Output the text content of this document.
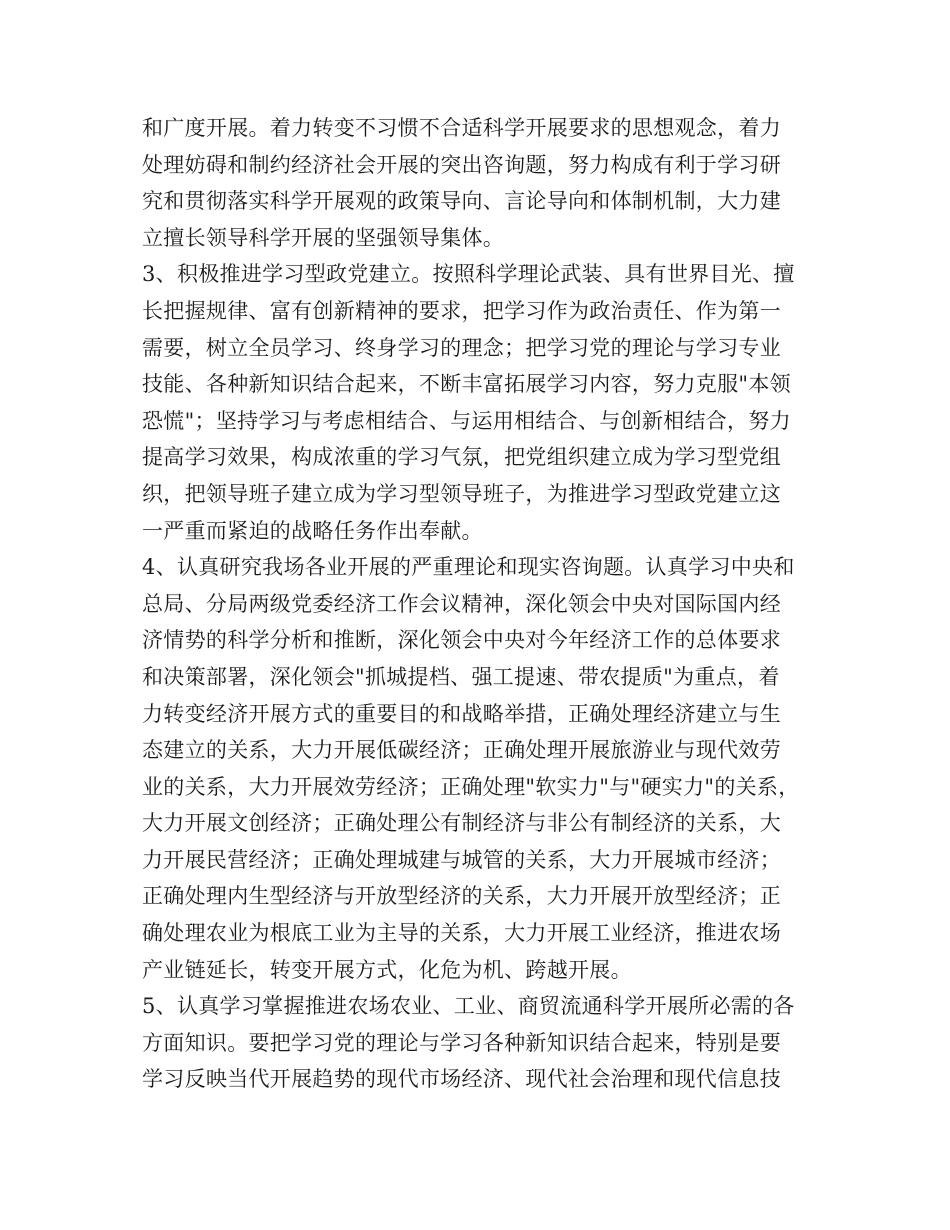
和广度开展。着力转变不习惯不合适科学开展要求的思想观念，着力
处理妨碍和制约经济社会开展的突出咨询题，努力构成有利于学习研
究和贯彻落实科学开展观的政策导向、言论导向和体制机制，大力建
立擅长领导科学开展的坚强领导集体。
3、积极推进学习型政党建立。按照科学理论武装、具有世界目光、擅
长把握规律、富有创新精神的要求，把学习作为政治责任、作为第一
需要，树立全员学习、终身学习的理念；把学习党的理论与学习专业
技能、各种新知识结合起来，不断丰富拓展学习内容，努力克服"本领
恐慌"；坚持学习与考虑相结合、与运用相结合、与创新相结合，努力
提高学习效果，构成浓重的学习气氛，把党组织建立成为学习型党组
织，把领导班子建立成为学习型领导班子，为推进学习型政党建立这
一严重而紧迫的战略任务作出奉献。
4、认真研究我场各业开展的严重理论和现实咨询题。认真学习中央和
总局、分局两级党委经济工作会议精神，深化领会中央对国际国内经
济情势的科学分析和推断，深化领会中央对今年经济工作的总体要求
和决策部署，深化领会"抓城提档、强工提速、带农提质"为重点，着
力转变经济开展方式的重要目的和战略举措，正确处理经济建立与生
态建立的关系，大力开展低碳经济；正确处理开展旅游业与现代效劳
业的关系，大力开展效劳经济；正确处理"软实力"与"硬实力"的关系，
大力开展文创经济；正确处理公有制经济与非公有制经济的关系，大
力开展民营经济；正确处理城建与城管的关系，大力开展城市经济；
正确处理内生型经济与开放型经济的关系，大力开展开放型经济；正
确处理农业为根底工业为主导的关系，大力开展工业经济，推进农场
产业链延长，转变开展方式，化危为机、跨越开展。
5、认真学习掌握推进农场农业、工业、商贸流通科学开展所必需的各
方面知识。要把学习党的理论与学习各种新知识结合起来，特别是要
学习反映当代开展趋势的现代市场经济、现代社会治理和现代信息技
